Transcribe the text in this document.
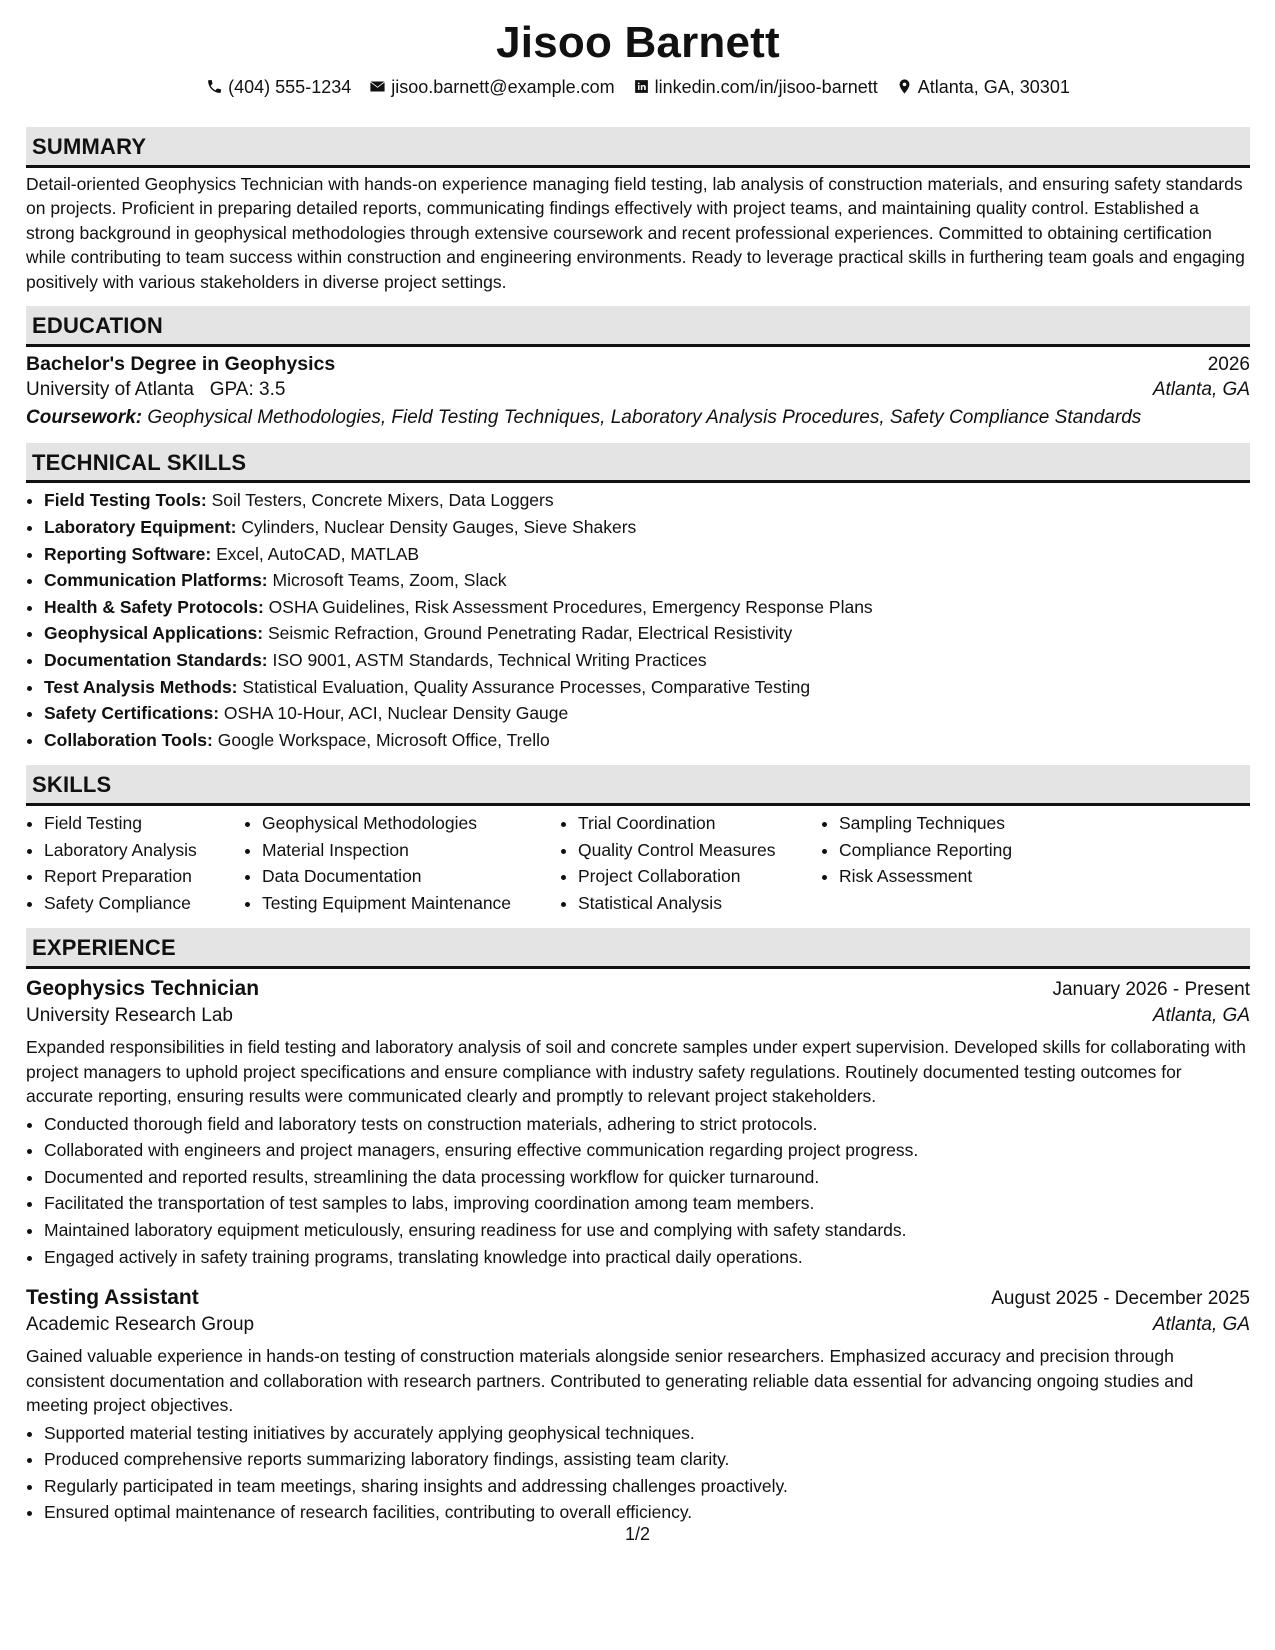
Jisoo Barnett
(404) 555-1234 jisoo.barnett@example.com linkedin.com/in/jisoo-barnett Atlanta, GA, 30301
SUMMARY

Detail-oriented Geophysics Technician with hands-on experience managing field testing, lab analysis of construction materials, and ensuring safety standards on projects. Proficient in preparing detailed reports, communicating findings effectively with project teams, and maintaining quality control. Established a strong background in geophysical methodologies through extensive coursework and recent professional experiences. Committed to obtaining certification while contributing to team success within construction and engineering environments. Ready to leverage practical skills in furthering team goals and engaging positively with various stakeholders in diverse project settings.

EDUCATION
Bachelor's Degree in Geophysics	2026
University of Atlanta GPA: 3.5	Atlanta, GA
Coursework: Geophysical Methodologies, Field Testing Techniques, Laboratory Analysis Procedures, Safety Compliance Standards
TECHNICAL SKILLS
• Field Testing Tools: Soil Testers, Concrete Mixers, Data Loggers
• Laboratory Equipment: Cylinders, Nuclear Density Gauges, Sieve Shakers
• Reporting Software: Excel, AutoCAD, MATLAB
• Communication Platforms: Microsoft Teams, Zoom, Slack
• Health & Safety Protocols: OSHA Guidelines, Risk Assessment Procedures, Emergency Response Plans
• Geophysical Applications: Seismic Refraction, Ground Penetrating Radar, Electrical Resistivity
• Documentation Standards: ISO 9001, ASTM Standards, Technical Writing Practices
• Test Analysis Methods: Statistical Evaluation, Quality Assurance Processes, Comparative Testing
• Safety Certifications: OSHA 10-Hour, ACI, Nuclear Density Gauge
• Collaboration Tools: Google Workspace, Microsoft Office, Trello
SKILLS
• Field Testing
• Laboratory Analysis
• Report Preparation
• Safety Compliance
• Geophysical Methodologies
• Material Inspection
• Data Documentation
• Testing Equipment Maintenance
• Trial Coordination
• Quality Control Measures
• Project Collaboration
• Statistical Analysis
• Sampling Techniques
• Compliance Reporting
• Risk Assessment
EXPERIENCE
Geophysics Technician	January 2026 - Present
University Research Lab	Atlanta, GA

Expanded responsibilities in field testing and laboratory analysis of soil and concrete samples under expert supervision. Developed skills for collaborating with project managers to uphold project specifications and ensure compliance with industry safety regulations. Routinely documented testing outcomes for accurate reporting, ensuring results were communicated clearly and promptly to relevant project stakeholders.

• Conducted thorough field and laboratory tests on construction materials, adhering to strict protocols.
• Collaborated with engineers and project managers, ensuring effective communication regarding project progress.
• Documented and reported results, streamlining the data processing workflow for quicker turnaround.
• Facilitated the transportation of test samples to labs, improving coordination among team members.
• Maintained laboratory equipment meticulously, ensuring readiness for use and complying with safety standards.
• Engaged actively in safety training programs, translating knowledge into practical daily operations.
Testing Assistant	August 2025 - December 2025
Academic Research Group	Atlanta, GA

Gained valuable experience in hands-on testing of construction materials alongside senior researchers. Emphasized accuracy and precision through consistent documentation and collaboration with research partners. Contributed to generating reliable data essential for advancing ongoing studies and meeting project objectives.

• Supported material testing initiatives by accurately applying geophysical techniques.
• Produced comprehensive reports summarizing laboratory findings, assisting team clarity.
• Regularly participated in team meetings, sharing insights and addressing challenges proactively.
• Ensured optimal maintenance of research facilities, contributing to overall efficiency.
1/2
